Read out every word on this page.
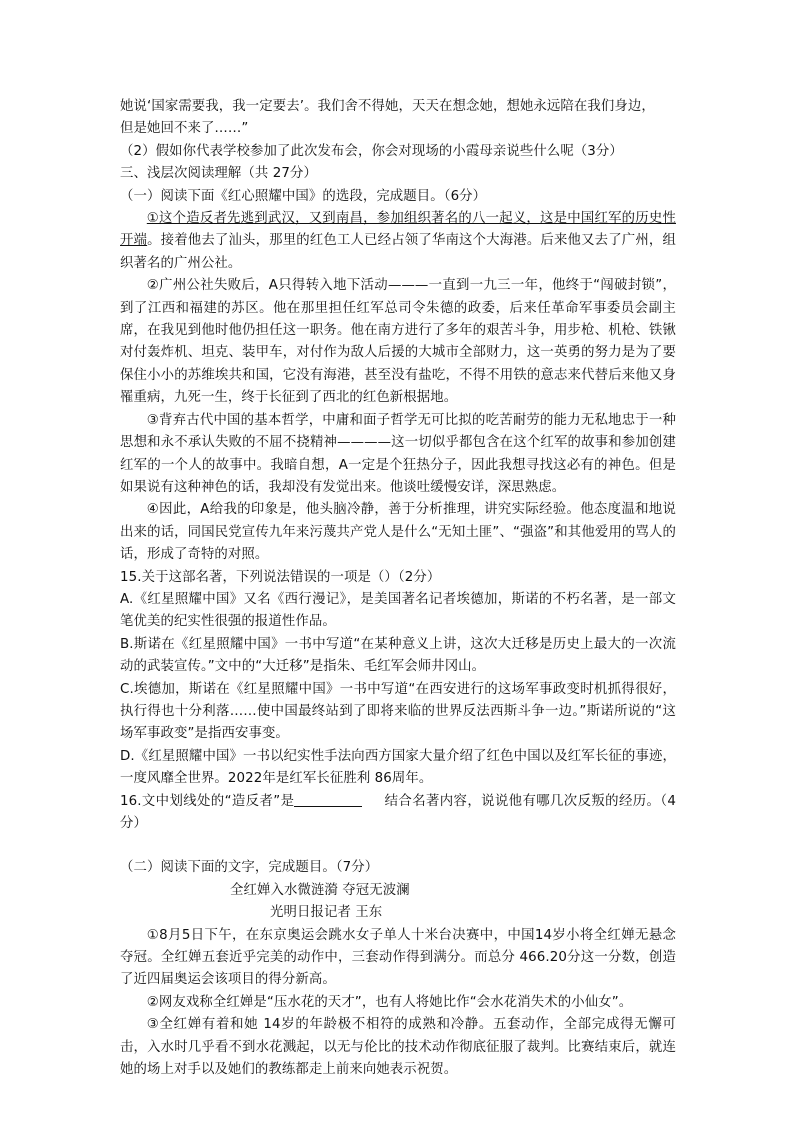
她说‘国家需要我，我一定要去’。我们舍不得她，天天在想念她，想她永远陪在我们身边，

但是她回不来了……”

（2）假如你代表学校参加了此次发布会，你会对现场的小霞母亲说些什么呢（3分）

三、浅层次阅读理解（共 27分）

（一）阅读下面《红心照耀中国》的选段，完成题目。（6分）

①这个造反者先逃到武汉，又到南昌，参加组织著名的八一起义，这是中国红军的历史性开端。接着他去了汕头，那里的红色工人已经占领了华南这个大海港。后来他又去了广州，组织著名的广州公社。

②广州公社失败后，A只得转入地下活动———一直到一九三一年，他终于“闯破封锁”，到了江西和福建的苏区。他在那里担任红军总司令朱德的政委，后来任革命军事委员会副主席，在我见到他时他仍担任这一职务。他在南方进行了多年的艰苦斗争，用步枪、机枪、铁锹对付轰炸机、坦克、装甲车，对付作为敌人后援的大城市全部财力，这一英勇的努力是为了要保住小小的苏维埃共和国，它没有海港，甚至没有盐吃，不得不用铁的意志来代替后来他又身罹重病，九死一生，终于长征到了西北的红色新根据地。

③背弃古代中国的基本哲学，中庸和面子哲学无可比拟的吃苦耐劳的能力无私地忠于一种思想和永不承认失败的不屈不挠精神————这一切似乎都包含在这个红军的故事和参加创建红军的一个人的故事中。我暗自想，A一定是个狂热分子，因此我想寻找这必有的神色。但是如果说有这种神色的话，我却没有发觉出来。他谈吐缓慢安详，深思熟虑。

④因此，A给我的印象是，他头脑冷静，善于分析推理，讲究实际经验。他态度温和地说出来的话，同国民党宣传九年来污蔑共产党人是什么“无知土匪”、“强盗”和其他爱用的骂人的话，形成了奇特的对照。

15.关于这部名著，下列说法错误的一项是（）（2分）

A.《红星照耀中国》又名《西行漫记》，是美国著名记者埃德加，斯诺的不朽名著，是一部文笔优美的纪实性很强的报道性作品。

B.斯诺在《红星照耀中国》一书中写道“在某种意义上讲，这次大迁移是历史上最大的一次流动的武装宣传。”文中的“大迁移”是指朱、毛红军会师井冈山。

C.埃德加，斯诺在《红星照耀中国》一书中写道“在西安进行的这场军事政变时机抓得很好，执行得也十分利落……使中国最终站到了即将来临的世界反法西斯斗争一边。”斯诺所说的“这场军事政变”是指西安事变。

D.《红星照耀中国》一书以纪实性手法向西方国家大量介绍了红色中国以及红军长征的事迹，一度风靡全世界。2022年是红军长征胜利 86周年。

16.文中划线处的“造反者”是	结合名著内容，说说他有哪几次反叛的经历。（4分）

（二）阅读下面的文字，完成题目。（7分）

全红婵入水微涟漪 夺冠无波澜

光明日报记者 王东

①8月5日下午，在东京奥运会跳水女子单人十米台决赛中，中国14岁小将全红婵无悬念夺冠。全红婵五套近乎完美的动作中，三套动作得到满分。而总分 466.20分这一分数，创造了近四届奥运会该项目的得分新高。

②网友戏称全红婵是“压水花的天才”，也有人将她比作“会水花消失术的小仙女”。

③全红婵有着和她 14岁的年龄极不相符的成熟和冷静。五套动作，全部完成得无懈可击，入水时几乎看不到水花溅起，以无与伦比的技术动作彻底征服了裁判。比赛结束后，就连她的场上对手以及她们的教练都走上前来向她表示祝贺。
